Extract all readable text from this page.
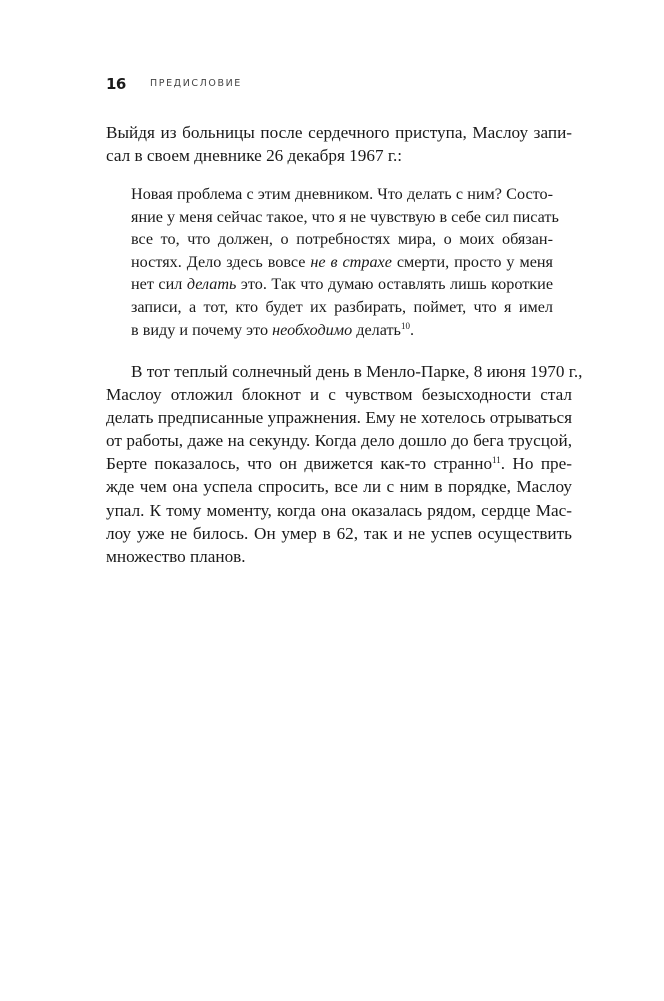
16	ПРЕДИСЛОВИЕ
Выйдя из больницы после сердечного приступа, Маслоу запи-
сал в своем дневнике 26 декабря 1967 г.:
Новая проблема с этим дневником. Что делать с ним? Состо-
яние у меня сейчас такое, что я не чувствую в себе сил писать
все то, что должен, о потребностях мира, о моих обязан-
ностях. Дело здесь вовсе не в страхе смерти, просто у меня
нет сил делать это. Так что думаю оставлять лишь короткие
записи, а тот, кто будет их разбирать, поймет, что я имел
в виду и почему это необходимо делать$^{10}$.
В тот теплый солнечный день в Менло-Парке, 8 июня 1970 г.,
Маслоу отложил блокнот и с чувством безысходности стал
делать предписанные упражнения. Ему не хотелось отрываться
от работы, даже на секунду. Когда дело дошло до бега трусцой,
Берте показалось, что он движется как-то странно$^{11}$. Но пре-
жде чем она успела спросить, все ли с ним в порядке, Маслоу
упал. К тому моменту, когда она оказалась рядом, сердце Мас-
лоу уже не билось. Он умер в 62, так и не успев осуществить
множество планов.
